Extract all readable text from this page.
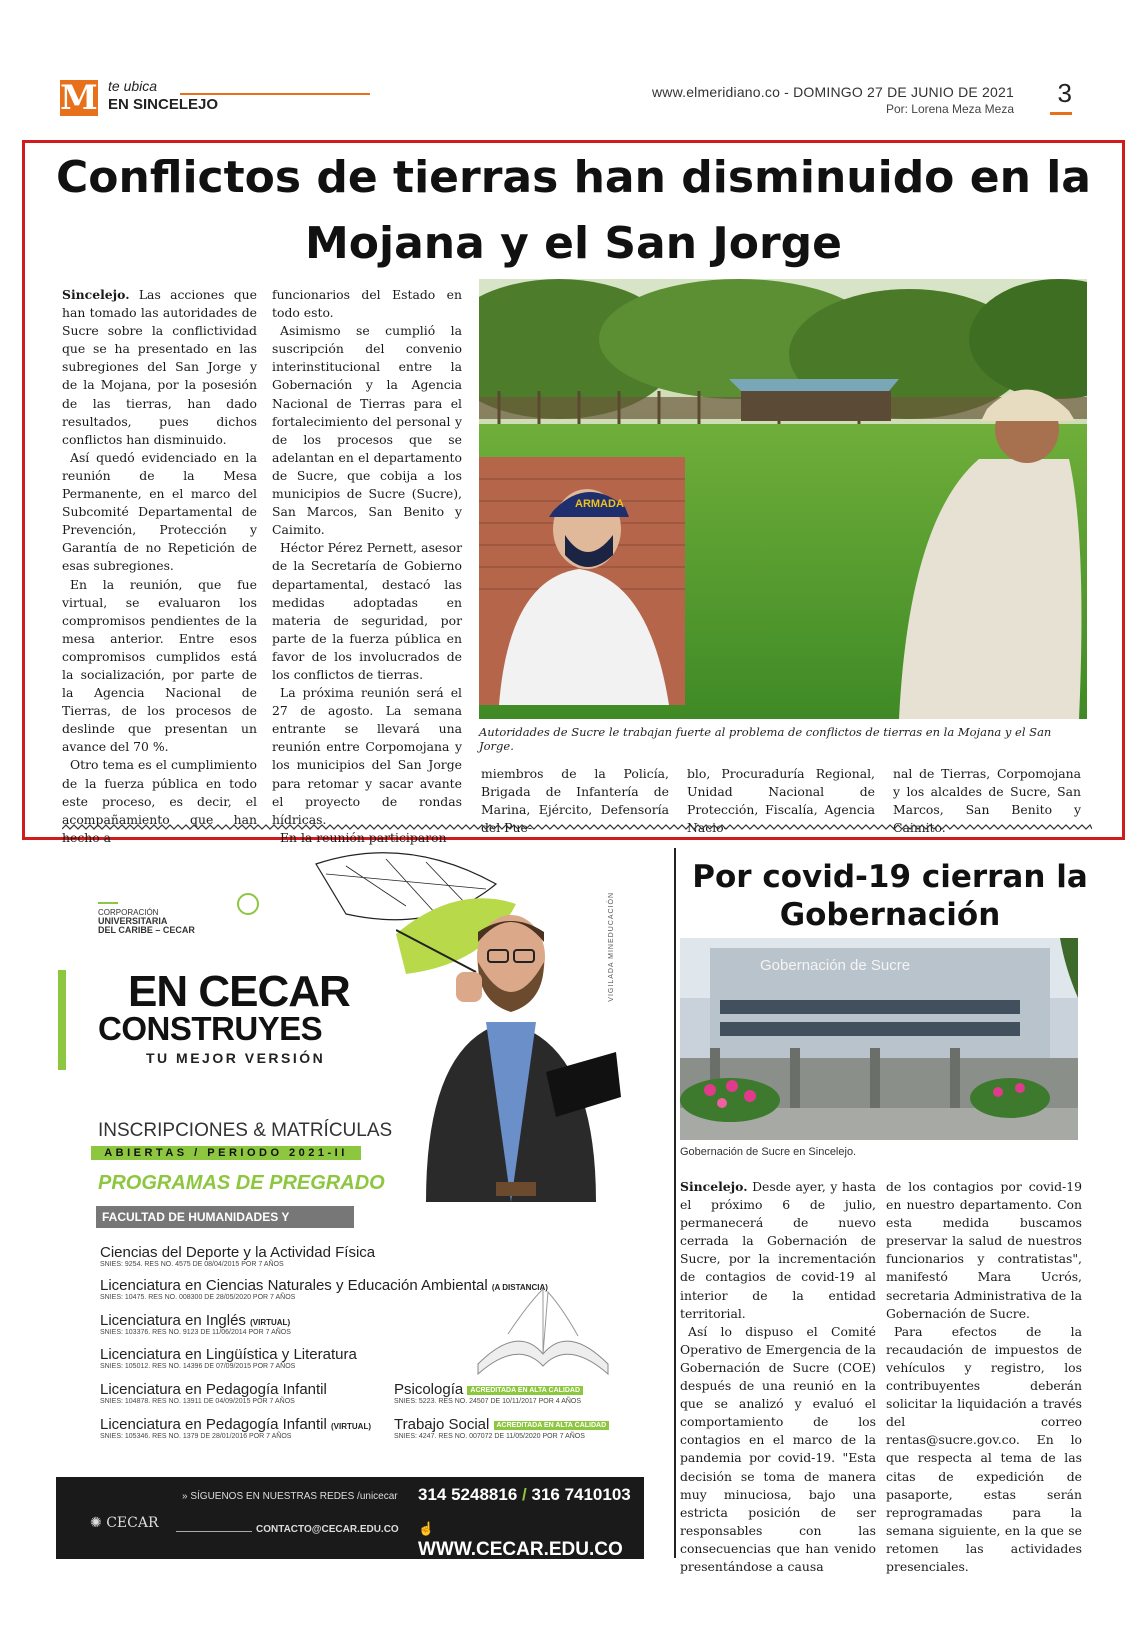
M te ubica
EN SINCELEJO
www.elmeridiano.co - DOMINGO 27 DE JUNIO DE 2021
Por: Lorena Meza Meza
3
Conflictos de tierras han disminuido en la Mojana y el San Jorge

Sincelejo. Las acciones que han tomado las autoridades de Sucre sobre la conflictividad que se ha presentado en las subregiones del San Jorge y de la Mojana, por la posesión de las tierras, han dado resultados, pues dichos conflictos han disminuido.

Así quedó evidenciado en la reunión de la Mesa Permanente, en el marco del Subcomité Departamental de Prevención, Protección y Garantía de no Repetición de esas subregiones.

En la reunión, que fue virtual, se evaluaron los compromisos pendientes de la mesa anterior. Entre esos compromisos cumplidos está la socialización, por parte de la Agencia Nacional de Tierras, de los procesos de deslinde que presentan un avance del 70 %.

Otro tema es el cumplimiento de la fuerza pública en todo este proceso, es decir, el acompañamiento que han hecho a

funcionarios del Estado en todo esto.

Asimismo se cumplió la suscripción del convenio interinstitucional entre la Gobernación y la Agencia Nacional de Tierras para el fortalecimiento del personal y de los procesos que se adelantan en el departamento de Sucre, que cobija a los municipios de Sucre (Sucre), San Marcos, San Benito y Caimito.

Héctor Pérez Pernett, asesor de la Secretaría de Gobierno departamental, destacó las medidas adoptadas en materia de seguridad, por parte de la fuerza pública en favor de los involucrados de los conflictos de tierras.

La próxima reunión será el 27 de agosto. La semana entrante se llevará una reunión entre Corpomojana y los municipios del San Jorge para retomar y sacar avante el proyecto de rondas hídricas.

En la reunión participaron

ARMADA
Autoridades de Sucre le trabajan fuerte al problema de conflictos de tierras en la Mojana y el San Jorge.
miembros de la Policía, Brigada de Infantería de Marina, Ejército, Defensoría del Pue-
blo, Procuraduría Regional, Unidad Nacional de Protección, Fiscalía, Agencia Nacio-
nal de Tierras, Corpomojana y los alcaldes de Sucre, San Marcos, San Benito y Caimito.
CORPORACIÓN
UNIVERSITARIA
DEL CARIBE – CECAR
EN CECAR
CONSTRUYES
TU MEJOR VERSIÓN
VIGILADA MINEDUCACIÓN
INSCRIPCIONES & MATRÍCULAS
ABIERTAS / PERIODO 2021-II
PROGRAMAS DE PREGRADO
FACULTAD DE HUMANIDADES Y EDUCACIÓN
Ciencias del Deporte y la Actividad Física
SNIES: 9254. RES NO. 4575 DE 08/04/2015 POR 7 AÑOS
Licenciatura en Ciencias Naturales y Educación Ambiental (A DISTANCIA)
SNIES: 10475. RES NO. 008300 DE 28/05/2020 POR 7 AÑOS
Licenciatura en Inglés (VIRTUAL)
SNIES: 103376. RES NO. 9123 DE 11/06/2014 POR 7 AÑOS
Licenciatura en Lingüística y Literatura
SNIES: 105012. RES NO. 14396 DE 07/09/2015 POR 7 AÑOS
Licenciatura en Pedagogía Infantil
SNIES: 104878. RES NO. 13911 DE 04/09/2015 POR 7 AÑOS
Licenciatura en Pedagogía Infantil (VIRTUAL)
SNIES: 105346. RES NO. 1379 DE 28/01/2016 POR 7 AÑOS
Psicología ACREDITADA EN ALTA CALIDAD
SNIES: 5223. RES NO. 24507 DE 10/11/2017 POR 4 AÑOS
Trabajo Social ACREDITADA EN ALTA CALIDAD
SNIES: 4247. RES NO. 007072 DE 11/05/2020 POR 7 AÑOS
✺ CECAR
» SÍGUENOS EN NUESTRAS REDES /unicecar 314 5248816 / 316 7410103
CONTACTO@CECAR.EDU.CO ☝ WWW.CECAR.EDU.CO
Por covid-19 cierran la Gobernación
Gobernación de Sucre
Gobernación de Sucre en Sincelejo.

Sincelejo. Desde ayer, y hasta el próximo 6 de julio, permanecerá de nuevo cerrada la Gobernación de Sucre, por la incrementación de contagios de covid-19 al interior de la entidad territorial.

Así lo dispuso el Comité Operativo de Emergencia de la Gobernación de Sucre (COE) después de una reunió en la que se analizó y evaluó el comportamiento de los contagios en el marco de la pandemia por covid-19. "Esta decisión se toma de manera muy minuciosa, bajo una estricta posición de ser responsables con las consecuencias que han venido presentándose a causa

de los contagios por covid-19 en nuestro departamento. Con esta medida buscamos preservar la salud de nuestros funcionarios y contratistas", manifestó Mara Ucrós, secretaria Administrativa de la Gobernación de Sucre.

Para efectos de la recaudación de impuestos de vehículos y registro, los contribuyentes deberán solicitar la liquidación a través del correo rentas@sucre.gov.co. En lo que respecta al tema de las citas de expedición de pasaporte, estas serán reprogramadas para la semana siguiente, en la que se retomen las actividades presenciales.
